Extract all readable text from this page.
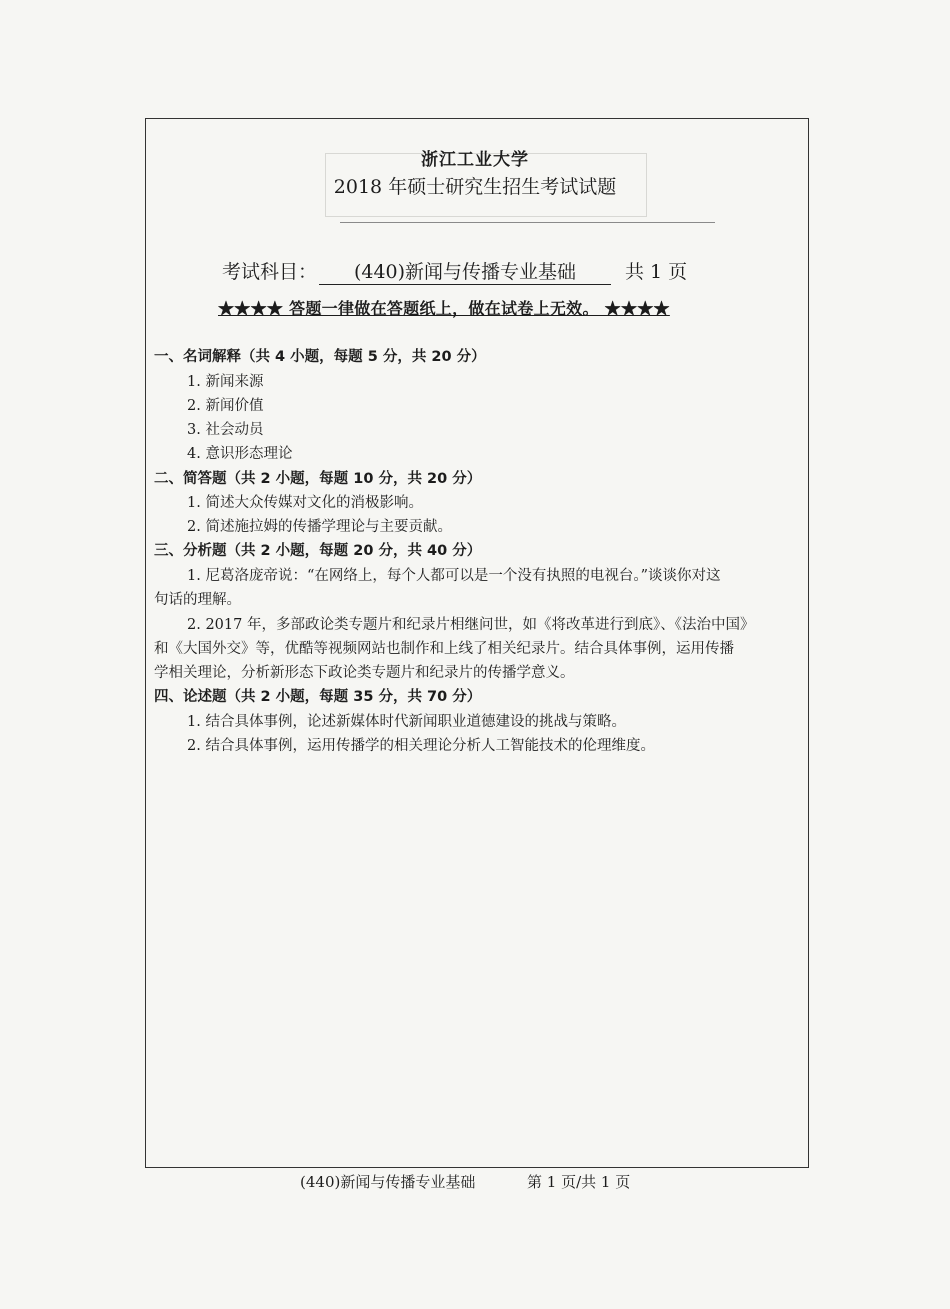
浙江工业大学
2018 年硕士研究生招生考试试题
考试科目： (440)新闻与传播专业基础	共 1 页
★★★★ 答题一律做在答题纸上，做在试卷上无效。 ★★★★
一、名词解释（共 4 小题，每题 5 分，共 20 分）
1. 新闻来源
2. 新闻价值
3. 社会动员
4. 意识形态理论
二、简答题（共 2 小题，每题 10 分，共 20 分）
1. 简述大众传媒对文化的消极影响。
2. 简述施拉姆的传播学理论与主要贡献。
三、分析题（共 2 小题，每题 20 分，共 40 分）
1. 尼葛洛庞帝说：“在网络上，每个人都可以是一个没有执照的电视台。”谈谈你对这
句话的理解。
2. 2017 年，多部政论类专题片和纪录片相继问世，如《将改革进行到底》、《法治中国》
和《大国外交》等，优酷等视频网站也制作和上线了相关纪录片。结合具体事例，运用传播
学相关理论，分析新形态下政论类专题片和纪录片的传播学意义。
四、论述题（共 2 小题，每题 35 分，共 70 分）
1. 结合具体事例，论述新媒体时代新闻职业道德建设的挑战与策略。
2. 结合具体事例，运用传播学的相关理论分析人工智能技术的伦理维度。
(440)新闻与传播专业基础	第 1 页/共 1 页
